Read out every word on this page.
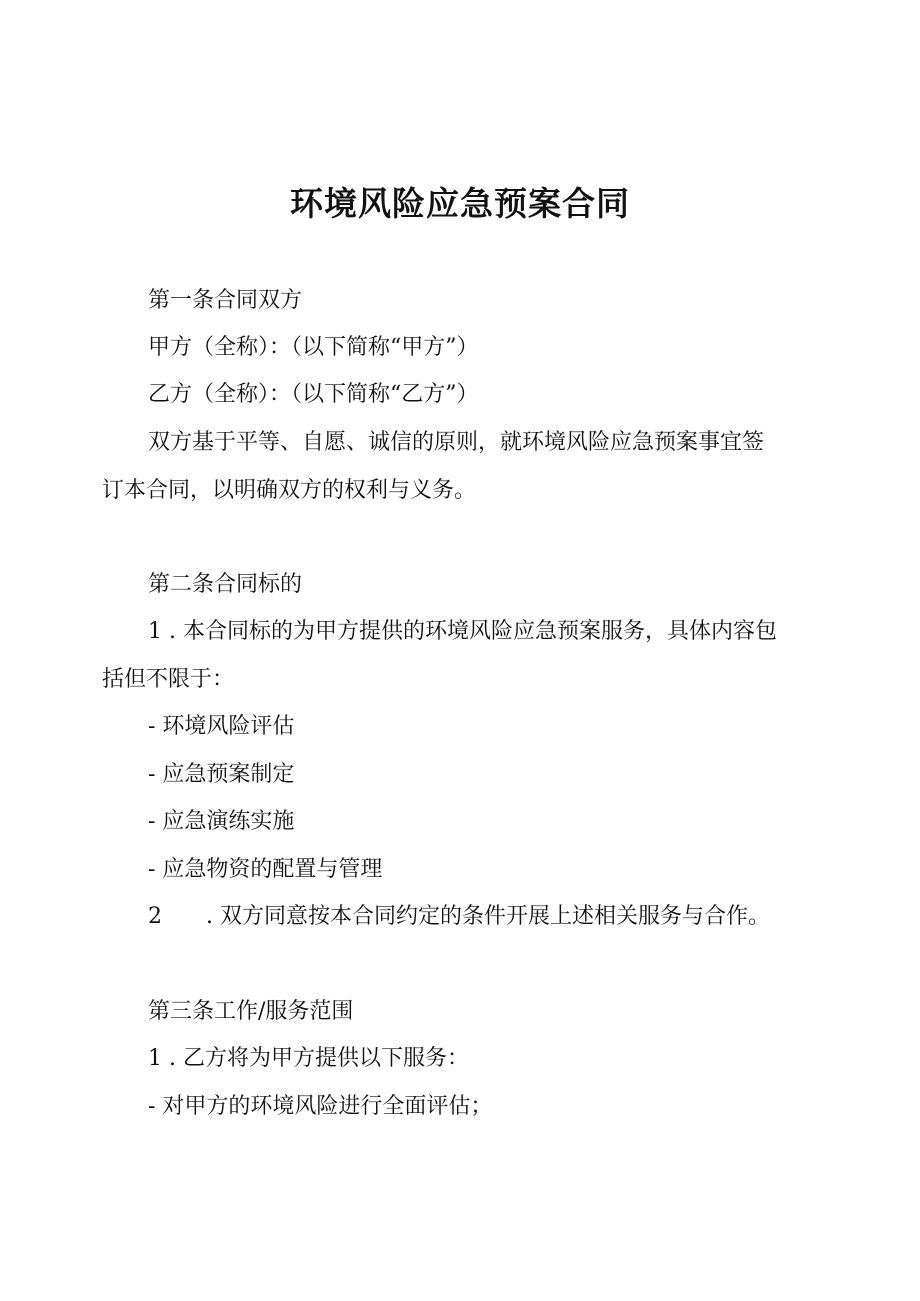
环境风险应急预案合同
第一条合同双方
甲方（全称）：（以下简称“甲方”）
乙方（全称）：（以下简称“乙方”）
双方基于平等、自愿、诚信的原则，就环境风险应急预案事宜签
订本合同，以明确双方的权利与义务。
第二条合同标的
1 . 本合同标的为甲方提供的环境风险应急预案服务，具体内容包
括但不限于：
- 环境风险评估
- 应急预案制定
- 应急演练实施
- 应急物资的配置与管理
2　　. 双方同意按本合同约定的条件开展上述相关服务与合作。
第三条工作/服务范围
1 . 乙方将为甲方提供以下服务：
- 对甲方的环境风险进行全面评估；
